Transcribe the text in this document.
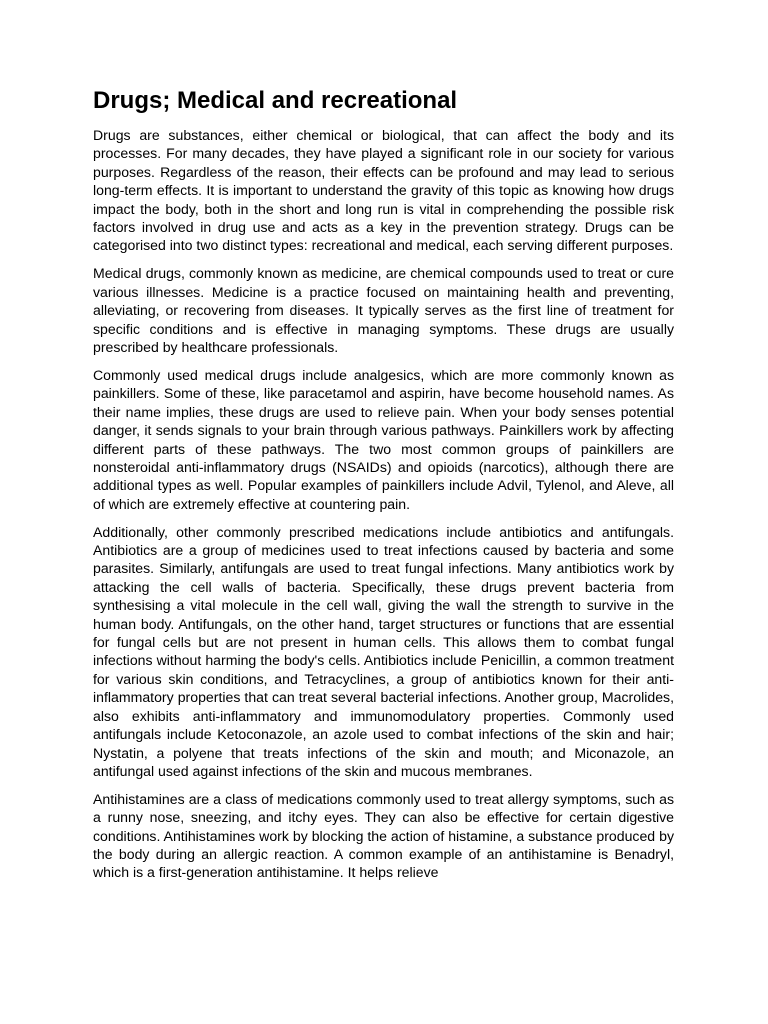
Drugs; Medical and recreational

Drugs are substances, either chemical or biological, that can affect the body and its processes. For many decades, they have played a significant role in our society for various purposes. Regardless of the reason, their effects can be profound and may lead to serious long-term effects. It is important to understand the gravity of this topic as knowing how drugs impact the body, both in the short and long run is vital in comprehending the possible risk factors involved in drug use and acts as a key in the prevention strategy. Drugs can be categorised into two distinct types: recreational and medical, each serving different purposes.

Medical drugs, commonly known as medicine, are chemical compounds used to treat or cure various illnesses. Medicine is a practice focused on maintaining health and preventing, alleviating, or recovering from diseases. It typically serves as the first line of treatment for specific conditions and is effective in managing symptoms. These drugs are usually prescribed by healthcare professionals.

Commonly used medical drugs include analgesics, which are more commonly known as painkillers. Some of these, like paracetamol and aspirin, have become household names. As their name implies, these drugs are used to relieve pain. When your body senses potential danger, it sends signals to your brain through various pathways. Painkillers work by affecting different parts of these pathways. The two most common groups of painkillers are nonsteroidal anti-inflammatory drugs (NSAIDs) and opioids (narcotics), although there are additional types as well. Popular examples of painkillers include Advil, Tylenol, and Aleve, all of which are extremely effective at countering pain.

Additionally, other commonly prescribed medications include antibiotics and antifungals. Antibiotics are a group of medicines used to treat infections caused by bacteria and some parasites. Similarly, antifungals are used to treat fungal infections. Many antibiotics work by attacking the cell walls of bacteria. Specifically, these drugs prevent bacteria from synthesising a vital molecule in the cell wall, giving the wall the strength to survive in the human body. Antifungals, on the other hand, target structures or functions that are essential for fungal cells but are not present in human cells. This allows them to combat fungal infections without harming the body's cells. Antibiotics include Penicillin, a common treatment for various skin conditions, and Tetracyclines, a group of antibiotics known for their anti-inflammatory properties that can treat several bacterial infections. Another group, Macrolides, also exhibits anti-inflammatory and immunomodulatory properties. Commonly used antifungals include Ketoconazole, an azole used to combat infections of the skin and hair; Nystatin, a polyene that treats infections of the skin and mouth; and Miconazole, an antifungal used against infections of the skin and mucous membranes.

Antihistamines are a class of medications commonly used to treat allergy symptoms, such as a runny nose, sneezing, and itchy eyes. They can also be effective for certain digestive conditions. Antihistamines work by blocking the action of histamine, a substance produced by the body during an allergic reaction. A common example of an antihistamine is Benadryl, which is a first-generation antihistamine. It helps relieve
